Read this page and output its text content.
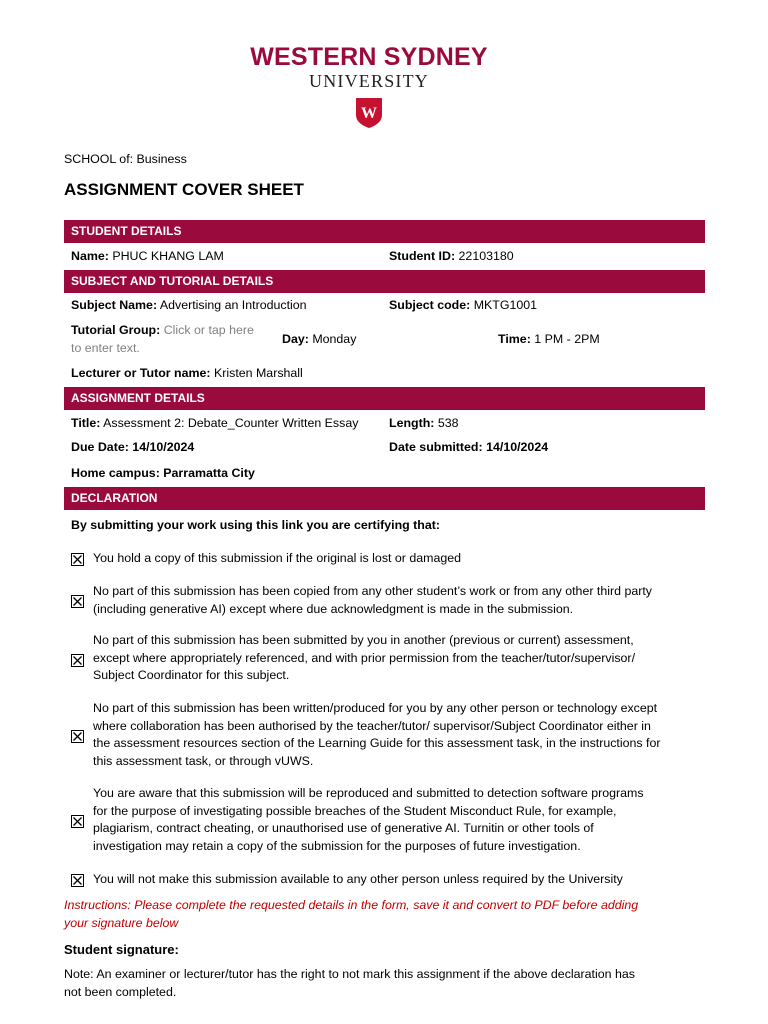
WESTERN SYDNEY
UNIVERSITY
W
SCHOOL of: Business
ASSIGNMENT COVER SHEET
STUDENT DETAILS
Name: PHUC KHANG LAM	Student ID: 22103180
SUBJECT AND TUTORIAL DETAILS
Subject Name: Advertising an Introduction	Subject code: MKTG1001
Tutorial Group: Click or tap here
to enter text.
Day: Monday	Time: 1 PM - 2PM
Lecturer or Tutor name: Kristen Marshall
ASSIGNMENT DETAILS
Title: Assessment 2: Debate_Counter Written Essay Length: 538
Due Date: 14/10/2024	Date submitted: 14/10/2024
Home campus: Parramatta City
DECLARATION
By submitting your work using this link you are certifying that:
You hold a copy of this submission if the original is lost or damaged
No part of this submission has been copied from any other student’s work or from any other third party
(including generative AI) except where due acknowledgment is made in the submission.
No part of this submission has been submitted by you in another (previous or current) assessment,
except where appropriately referenced, and with prior permission from the teacher/tutor/supervisor/
Subject Coordinator for this subject.
No part of this submission has been written/produced for you by any other person or technology except
where collaboration has been authorised by the teacher/tutor/ supervisor/Subject Coordinator either in
the assessment resources section of the Learning Guide for this assessment task, in the instructions for
this assessment task, or through vUWS.
You are aware that this submission will be reproduced and submitted to detection software programs
for the purpose of investigating possible breaches of the Student Misconduct Rule, for example,
plagiarism, contract cheating, or unauthorised use of generative AI. Turnitin or other tools of
investigation may retain a copy of the submission for the purposes of future investigation.
You will not make this submission available to any other person unless required by the University
Instructions: Please complete the requested details in the form, save it and convert to PDF before adding
your signature below
Student signature:
Note: An examiner or lecturer/tutor has the right to not mark this assignment if the above declaration has
not been completed.
